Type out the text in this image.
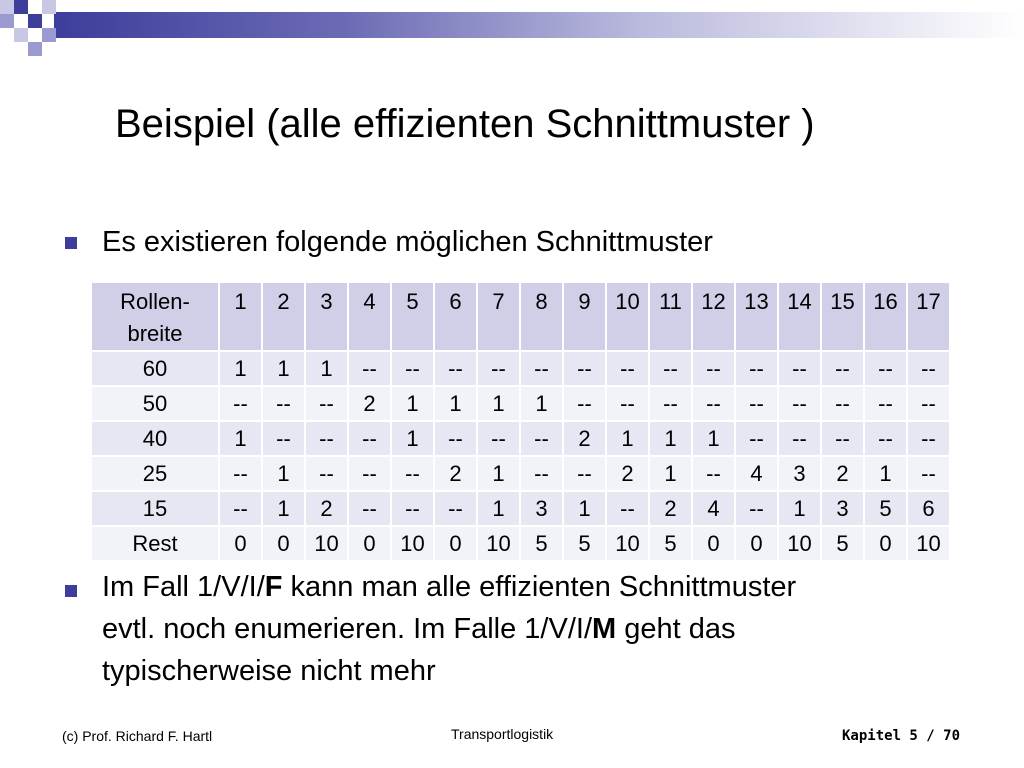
Beispiel (alle effizienten Schnittmuster )
Es existieren folgende möglichen Schnittmuster
Rollen-
breite	1	2	3	4	5	6	7	8	9	10	11	12	13	14	15	16	17
60	1	1	1	--	--	--	--	--	--	--	--	--	--	--	--	--	--
50	--	--	--	2	1	1	1	1	--	--	--	--	--	--	--	--	--
40	1	--	--	--	1	--	--	--	2	1	1	1	--	--	--	--	--
25	--	1	--	--	--	2	1	--	--	2	1	--	4	3	2	1	--
15	--	1	2	--	--	--	1	3	1	--	2	4	--	1	3	5	6
Rest	0	0	10	0	10	0	10	5	5	10	5	0	0	10	5	0	10
Im Fall 1/V/I/F kann man alle effizienten Schnittmuster
evtl. noch enumerieren. Im Falle 1/V/I/M geht das
typischerweise nicht mehr
(c) Prof. Richard F. Hartl	Transportlogistik	Kapitel 5 / 70
